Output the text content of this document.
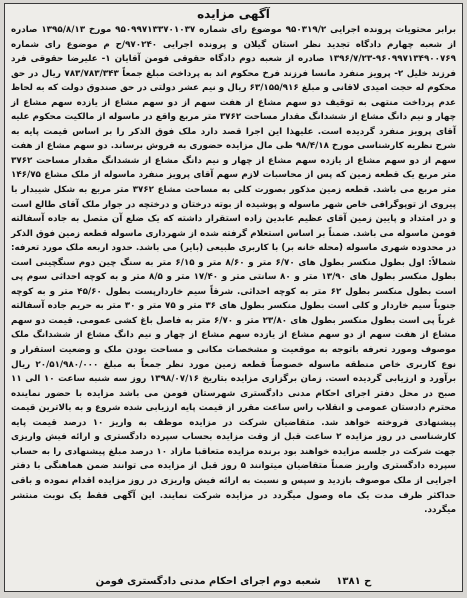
آگهی مزایده
برابر محتویات پرونده اجرایی ۹۵۰۳۱۹/۲ موضوع رای شماره ۹۵۰۹۹۷۱۳۳۷۰۱۰۳۷ مورخ ۱۳۹۵/۸/۱۳ صادره از شعبه چهارم دادگاه تجدید نظر استان گیلان و پرونده اجرایی ۹۷۰۲۴۰/ح م موضوع رای شماره ۹۶۰۹۹۷۱۳۴۹۰۰۷۶۹-۱۳۹۶/۷/۲۳ صادره از شعبه دوم دادگاه حقوقی فومن آقایان ۱- علیرضا حقوقی فرد فرزند خلیل ۲- پرویز منفرد مانسا فرزند فرخ محکوم اند به پرداخت مبلغ جمعاً ۷۸۳/۷۸۳/۳۴۳ ریال در حق محکوم له حجت امیدی لاقانی و مبلغ ۶۳/۱۵۵/۹۱۶ ریال و نیم عشر دولتی در حق صندوق دولت که به لحاظ عدم پرداخت منتهی به توقیف دو سهم مشاع از هفت سهم از دو سهم مشاع از یازده سهم مشاع از چهار و نیم دانگ مشاع از ششدانگ مقدار مساحت ۳۷۶۲ متر مربع واقع در ماسوله از مالکیت محکوم علیه آقای پرویز منفرد گردیده است. علیهذا این اجرا قصد دارد ملک فوق الذکر را بر اساس قیمت پایه به شرح نظریه کارشناسی مورخ ۹۸/۴/۱۸ طی مال مزایده حضوری به فروش برساند. دو سهم مشاع از هفت سهم از دو سهم مشاع از یازده سهم مشاع از چهار و نیم دانگ مشاع از ششدانگ مقدار مساحت ۳۷۶۲ متر مربع یک قطعه زمین که پس از محاسبات لازم سهم آقای پرویز منفرد ماسوله از ملک مشاع ۱۴۶/۷۵ متر مربع می باشد. قطعه زمین مذکور بصورت کلی به مساحت مشاع ۳۷۶۲ متر مربع به شکل شیبدار با پیروی از توپوگرافی خاص شهر ماسوله و پوشیده از بوته درختان و درختچه در جوار ملک آقای طالع است و در امتداد و پایین زمین آقای عظیم عابدین زاده استقرار داشته که یک ضلع آن متصل به جاده آسفالته فومن ماسوله می باشد. ضمناً بر اساس استعلام گرفته شده از شهرداری ماسوله قطعه زمین فوق الذکر در محدوده شهری ماسوله (محله خانه بر) با کاربری طبیعی (بایر) می باشد. حدود اربعه ملک مورد تعرفه: شمالاً: اول بطول منکسر بطول های ۶/۷۰ متر و ۸/۶۰ متر و ۶/۱۵ متر به سنگ چین دوم سنگچینی است بطول منکسر بطول های ۱۳/۹۰ متر و ۸۰ سانتی متر و ۱۷/۴۰ متر و ۸/۵ متر و به کوچه احداثی سوم پی است بطول منکسر بطول ۶۲ متر به کوچه احداثی. شرقاً سیم خاردارپست بطول ۴۵/۶۰ متر و به کوچه جنوباً سیم خاردار و کلی است بطول منکسر بطول های ۳۶ متر و ۷۵ متر و ۳۰ متر به حریم جاده آسفالته غرباً پی است بطول منکسر بطول های ۲۳/۸۰ متر و ۶/۷۰ متر به فاصل باغ کشی عمومی. قیمت دو سهم مشاع از هفت سهم از دو سهم مشاع از یازده سهم مشاع از چهار و نیم دانگ مشاع از ششدانگ ملک موصوف ومورد تعرفه باتوجه به موقعیت و مشخصات مکانی و مساحت بودن ملک و وضعیت استقرار و نوع کاربری خاص منطقه ماسوله خصوصاً قطعه زمین مورد نظر جمعاً به مبلغ ۲۰/۵۱/۹۸۰/۰۰۰ ریال برآورد و ارزیابی گردیده است. زمان برگزاری مزایده بتاریخ ۱۳۹۸/۰۷/۱۶ روز سه شنبه ساعت ۱۰ الی ۱۱ صبح در محل دفتر اجرای احکام مدنی دادگستری شهرستان فومن می باشد مزایده با حضور نماینده محترم دادستان عمومی و انقلاب راس ساعت مقرر از قیمت پایه ارزیابی شده شروع و به بالاترین قیمت پیشنهادی فروخته خواهد شد. متقاضیان شرکت در مزایده موظف به واریز ۱۰ درصد قیمت پایه کارشناسی در روز مزایده ۲ ساعت قبل از وقت مزایده بحساب سپرده دادگستری و ارائه فیش واریزی جهت شرکت در جلسه مزایده خواهند بود برنده مزایده متعاقبا مازاد ۱۰ درصد مبلغ پیشنهادی را به حساب سپرده دادگستری واریز ضمناً متقاضیان میتوانند ۵ روز قبل از مزایده می توانند ضمن هماهنگی با دفتر اجرایی از ملک موصوف بازدید و سپس و نسبت به ارائه فیش واریزی در روز مزایده اقدام نموده و باقی حداکثر ظرف مدت یک ماه وصول میگردد در مزایده شرکت نمایند. این آگهی فقط یک نوبت منتشر میگردد.
ح ۱۳۸۱ شعبه دوم اجرای احکام مدنی دادگستری فومن
